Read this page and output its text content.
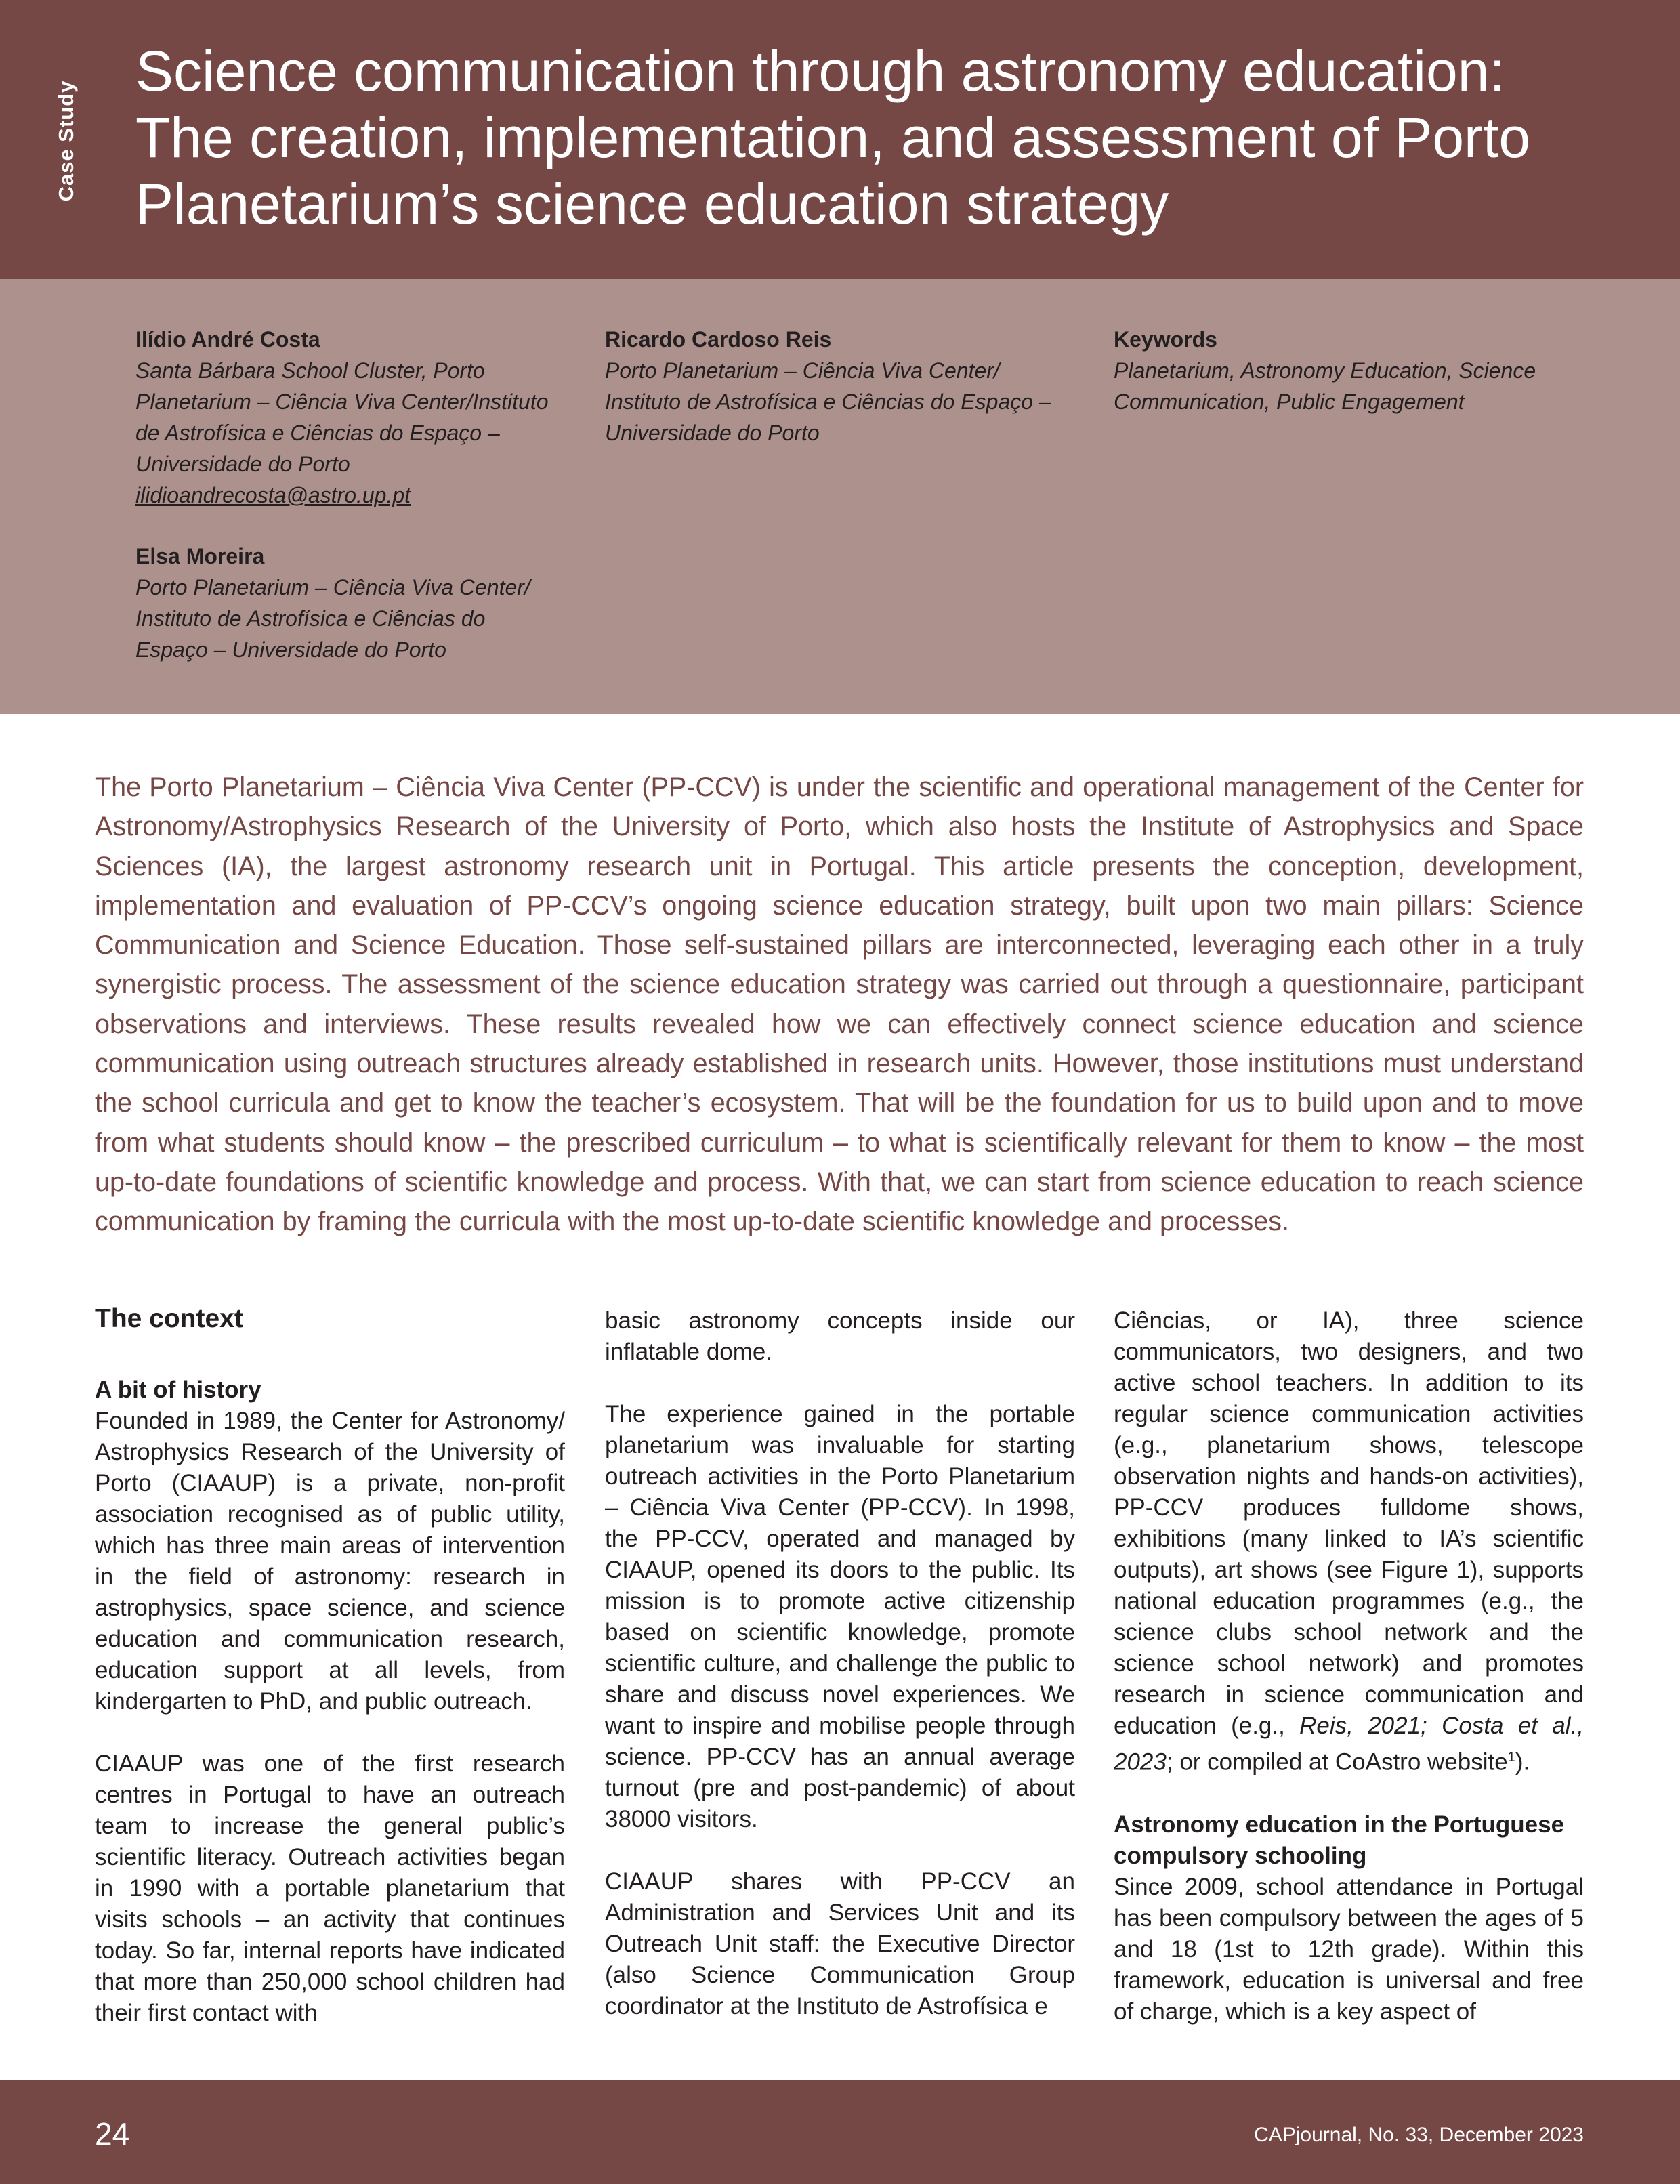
Case Study
Science communication through astronomy education: The creation, implementation, and assessment of Porto Planetarium’s science education strategy
Ilídio André Costa
Santa Bárbara School Cluster, Porto Planetarium – Ciência Viva Center/Instituto de Astrofísica e Ciências do Espaço – Universidade do Porto
ilidioandrecosta@astro.up.pt
Ricardo Cardoso Reis
Porto Planetarium – Ciência Viva Center/ Instituto de Astrofísica e Ciências do Espaço – Universidade do Porto
Elsa Moreira
Porto Planetarium – Ciência Viva Center/ Instituto de Astrofísica e Ciências do Espaço – Universidade do Porto
Keywords
Planetarium, Astronomy Education, Science Communication, Public Engagement

The Porto Planetarium – Ciência Viva Center (PP-CCV) is under the scientific and operational management of the Center for Astronomy/Astrophysics Research of the University of Porto, which also hosts the Institute of Astrophysics and Space Sciences (IA), the largest astronomy research unit in Portugal. This article presents the conception, development, implementation and evaluation of PP-CCV’s ongoing science education strategy, built upon two main pillars: Science Communication and Science Education. Those self-sustained pillars are interconnected, leveraging each other in a truly synergistic process. The assessment of the science education strategy was carried out through a questionnaire, participant observations and interviews. These results revealed how we can effectively connect science education and science communication using outreach structures already established in research units. However, those institutions must understand the school curricula and get to know the teacher’s ecosystem. That will be the foundation for us to build upon and to move from what students should know – the prescribed curriculum – to what is scientifically relevant for them to know – the most up-to-date foundations of scientific knowledge and process. With that, we can start from science education to reach science communication by framing the curricula with the most up-to-date scientific knowledge and processes.

The context
A bit of history

Founded in 1989, the Center for Astronomy/ Astrophysics Research of the University of Porto (CIAAUP) is a private, non-profit association recognised as of public utility, which has three main areas of intervention in the field of astronomy: research in astrophysics, space science, and science education and communication research, education support at all levels, from kindergarten to PhD, and public outreach.

CIAAUP was one of the first research centres in Portugal to have an outreach team to increase the general public’s scientific literacy. Outreach activities began in 1990 with a portable planetarium that visits schools – an activity that continues today. So far, internal reports have indicated that more than 250,000 school children had their first contact with

basic astronomy concepts inside our inflatable dome.

The experience gained in the portable planetarium was invaluable for starting outreach activities in the Porto Planetarium – Ciência Viva Center (PP-CCV). In 1998, the PP-CCV, operated and managed by CIAAUP, opened its doors to the public. Its mission is to promote active citizenship based on scientific knowledge, promote scientific culture, and challenge the public to share and discuss novel experiences. We want to inspire and mobilise people through science. PP-CCV has an annual average turnout (pre and post-pandemic) of about 38000 visitors.

CIAAUP shares with PP-CCV an Administration and Services Unit and its Outreach Unit staff: the Executive Director (also Science Communication Group coordinator at the Instituto de Astrofísica e

Ciências, or IA), three science communicators, two designers, and two active school teachers. In addition to its regular science communication activities (e.g., planetarium shows, telescope observation nights and hands-on activities), PP-CCV produces fulldome shows, exhibitions (many linked to IA’s scientific outputs), art shows (see Figure 1), supports national education programmes (e.g., the science clubs school network and the science school network) and promotes research in science communication and education (e.g., Reis, 2021; Costa et al., 2023; or compiled at CoAstro website$^1$).

Astronomy education in the Portuguese compulsory schooling

Since 2009, school attendance in Portugal has been compulsory between the ages of 5 and 18 (1st to 12th grade). Within this framework, education is universal and free of charge, which is a key aspect of

24	CAPjournal, No. 33, December 2023
